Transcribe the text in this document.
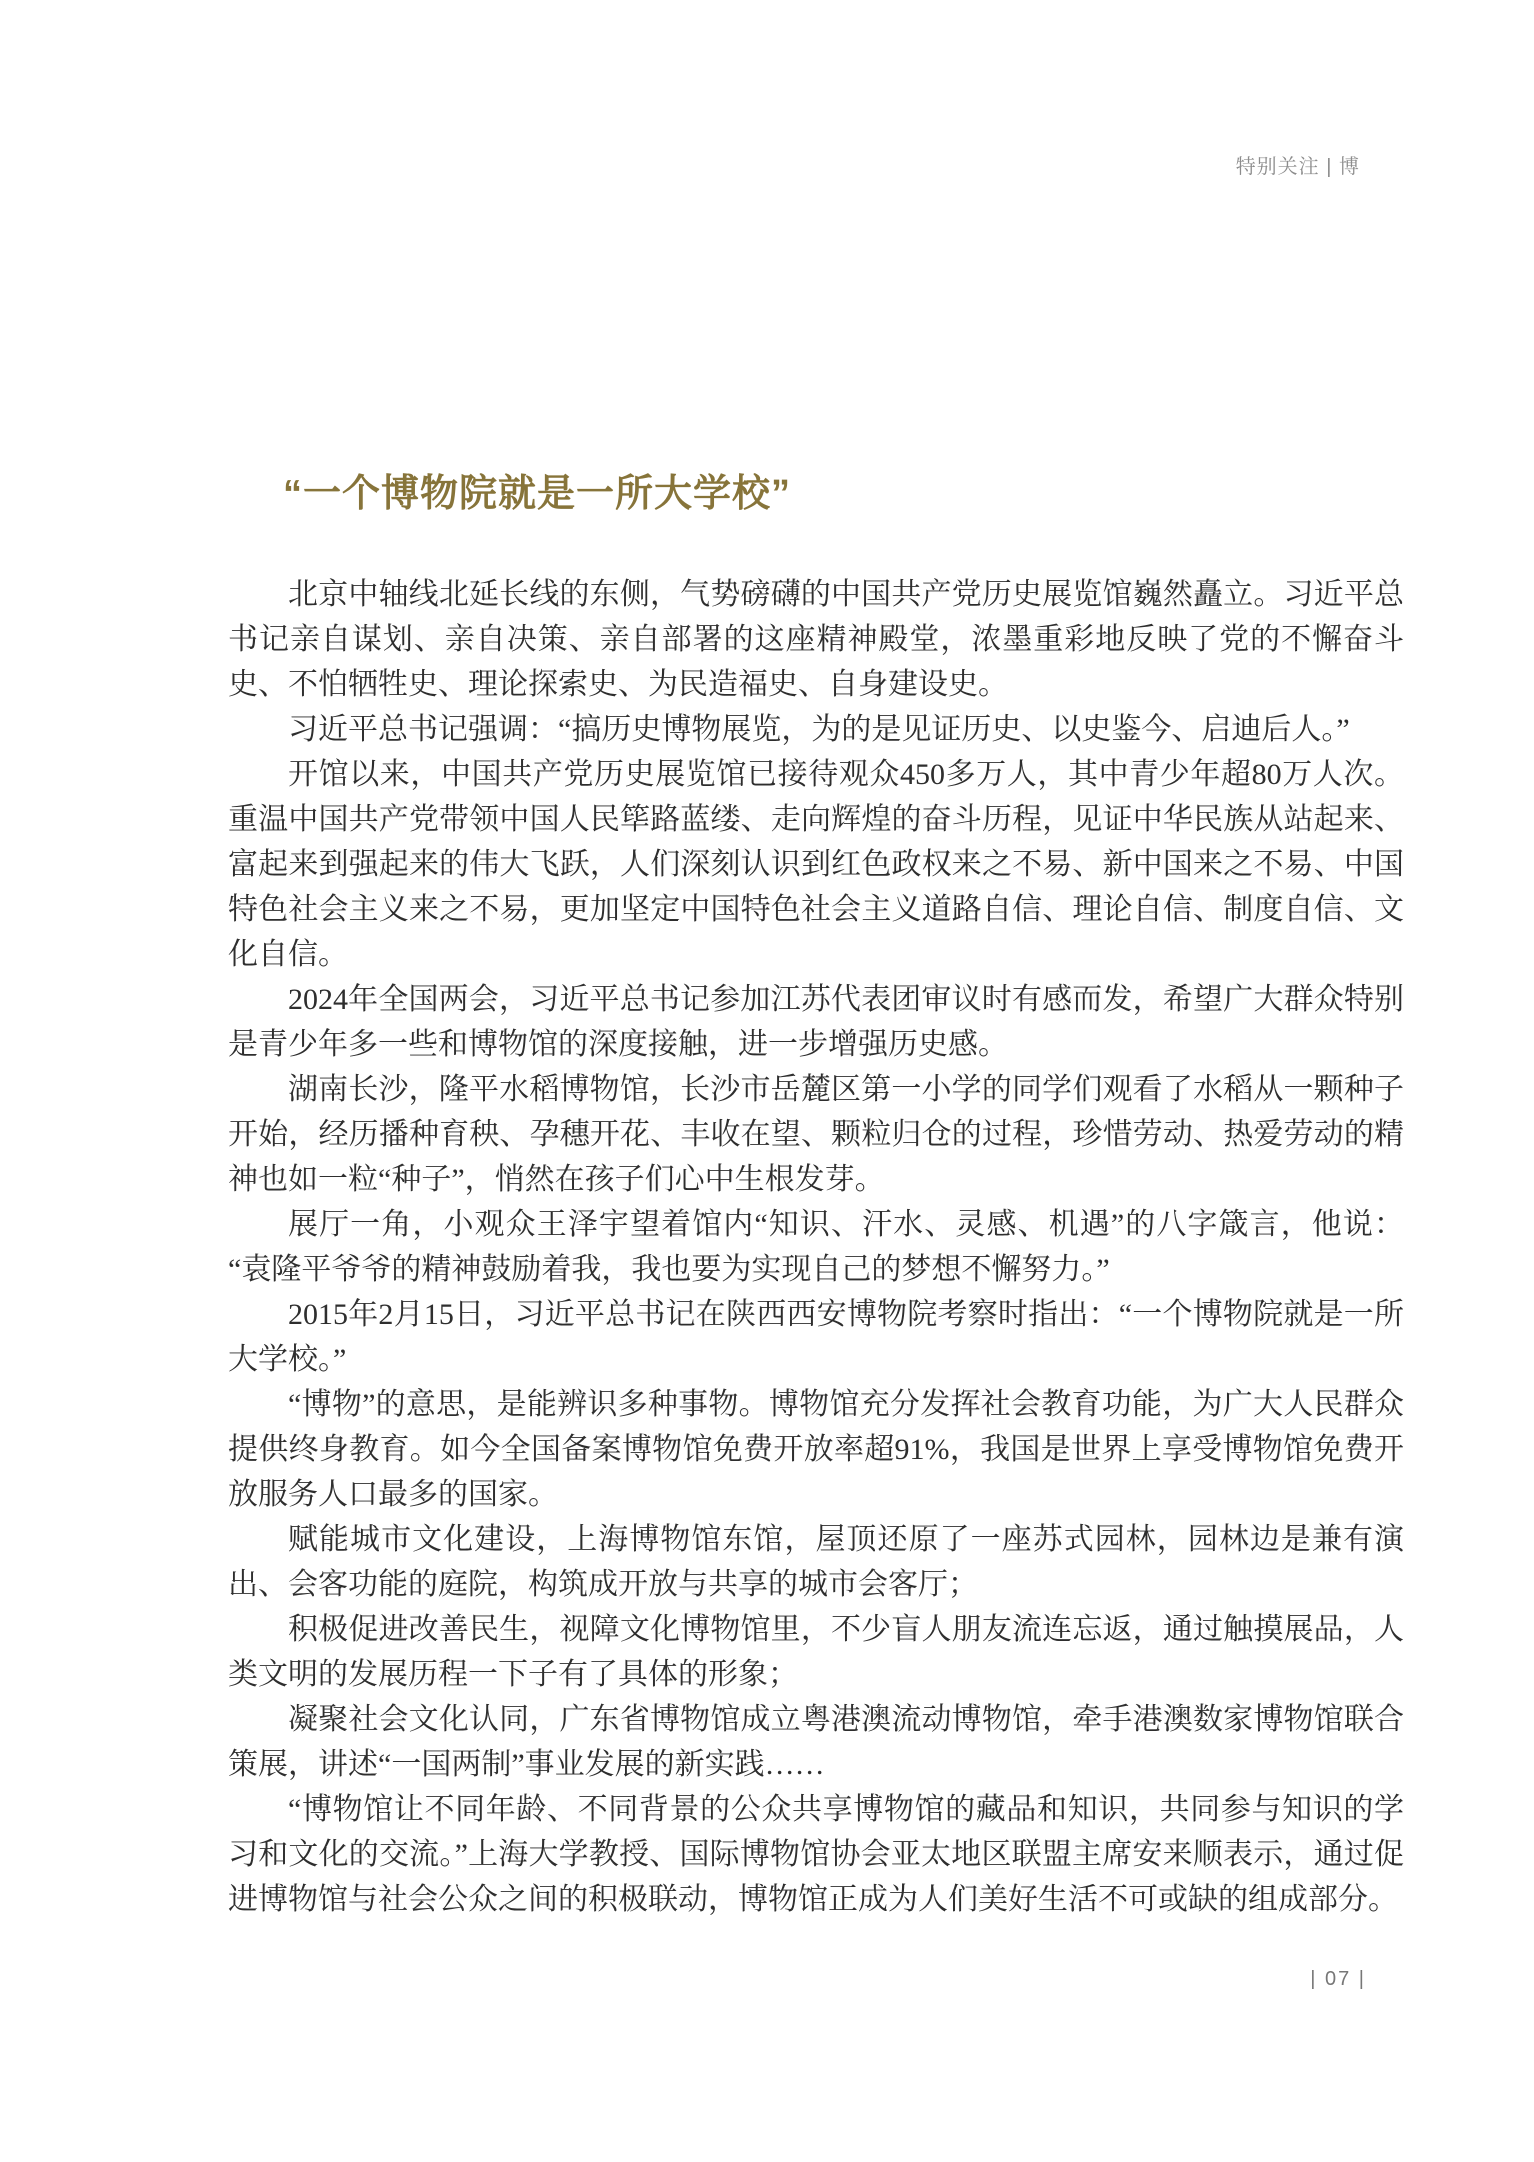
特别关注 | 博
“一个博物院就是一所大学校”

北京中轴线北延长线的东侧，气势磅礴的中国共产党历史展览馆巍然矗立。习近平总书记亲自谋划、亲自决策、亲自部署的这座精神殿堂，浓墨重彩地反映了党的不懈奋斗史、不怕牺牲史、理论探索史、为民造福史、自身建设史。

习近平总书记强调：“搞历史博物展览，为的是见证历史、以史鉴今、启迪后人。”

开馆以来，中国共产党历史展览馆已接待观众450多万人，其中青少年超80万人次。重温中国共产党带领中国人民筚路蓝缕、走向辉煌的奋斗历程，见证中华民族从站起来、富起来到强起来的伟大飞跃，人们深刻认识到红色政权来之不易、新中国来之不易、中国特色社会主义来之不易，更加坚定中国特色社会主义道路自信、理论自信、制度自信、文化自信。

2024年全国两会，习近平总书记参加江苏代表团审议时有感而发，希望广大群众特别是青少年多一些和博物馆的深度接触，进一步增强历史感。

湖南长沙，隆平水稻博物馆，长沙市岳麓区第一小学的同学们观看了水稻从一颗种子开始，经历播种育秧、孕穗开花、丰收在望、颗粒归仓的过程，珍惜劳动、热爱劳动的精神也如一粒“种子”，悄然在孩子们心中生根发芽。

展厅一角，小观众王泽宇望着馆内“知识、汗水、灵感、机遇”的八字箴言，他说：“袁隆平爷爷的精神鼓励着我，我也要为实现自己的梦想不懈努力。”

2015年2月15日，习近平总书记在陕西西安博物院考察时指出：“一个博物院就是一所大学校。”

“博物”的意思，是能辨识多种事物。博物馆充分发挥社会教育功能，为广大人民群众提供终身教育。如今全国备案博物馆免费开放率超91%，我国是世界上享受博物馆免费开放服务人口最多的国家。

赋能城市文化建设，上海博物馆东馆，屋顶还原了一座苏式园林，园林边是兼有演出、会客功能的庭院，构筑成开放与共享的城市会客厅；

积极促进改善民生，视障文化博物馆里，不少盲人朋友流连忘返，通过触摸展品，人类文明的发展历程一下子有了具体的形象；

凝聚社会文化认同，广东省博物馆成立粤港澳流动博物馆，牵手港澳数家博物馆联合策展，讲述“一国两制”事业发展的新实践……

“博物馆让不同年龄、不同背景的公众共享博物馆的藏品和知识，共同参与知识的学习和文化的交流。”上海大学教授、国际博物馆协会亚太地区联盟主席安来顺表示，通过促进博物馆与社会公众之间的积极联动，博物馆正成为人们美好生活不可或缺的组成部分。

| 07 |
